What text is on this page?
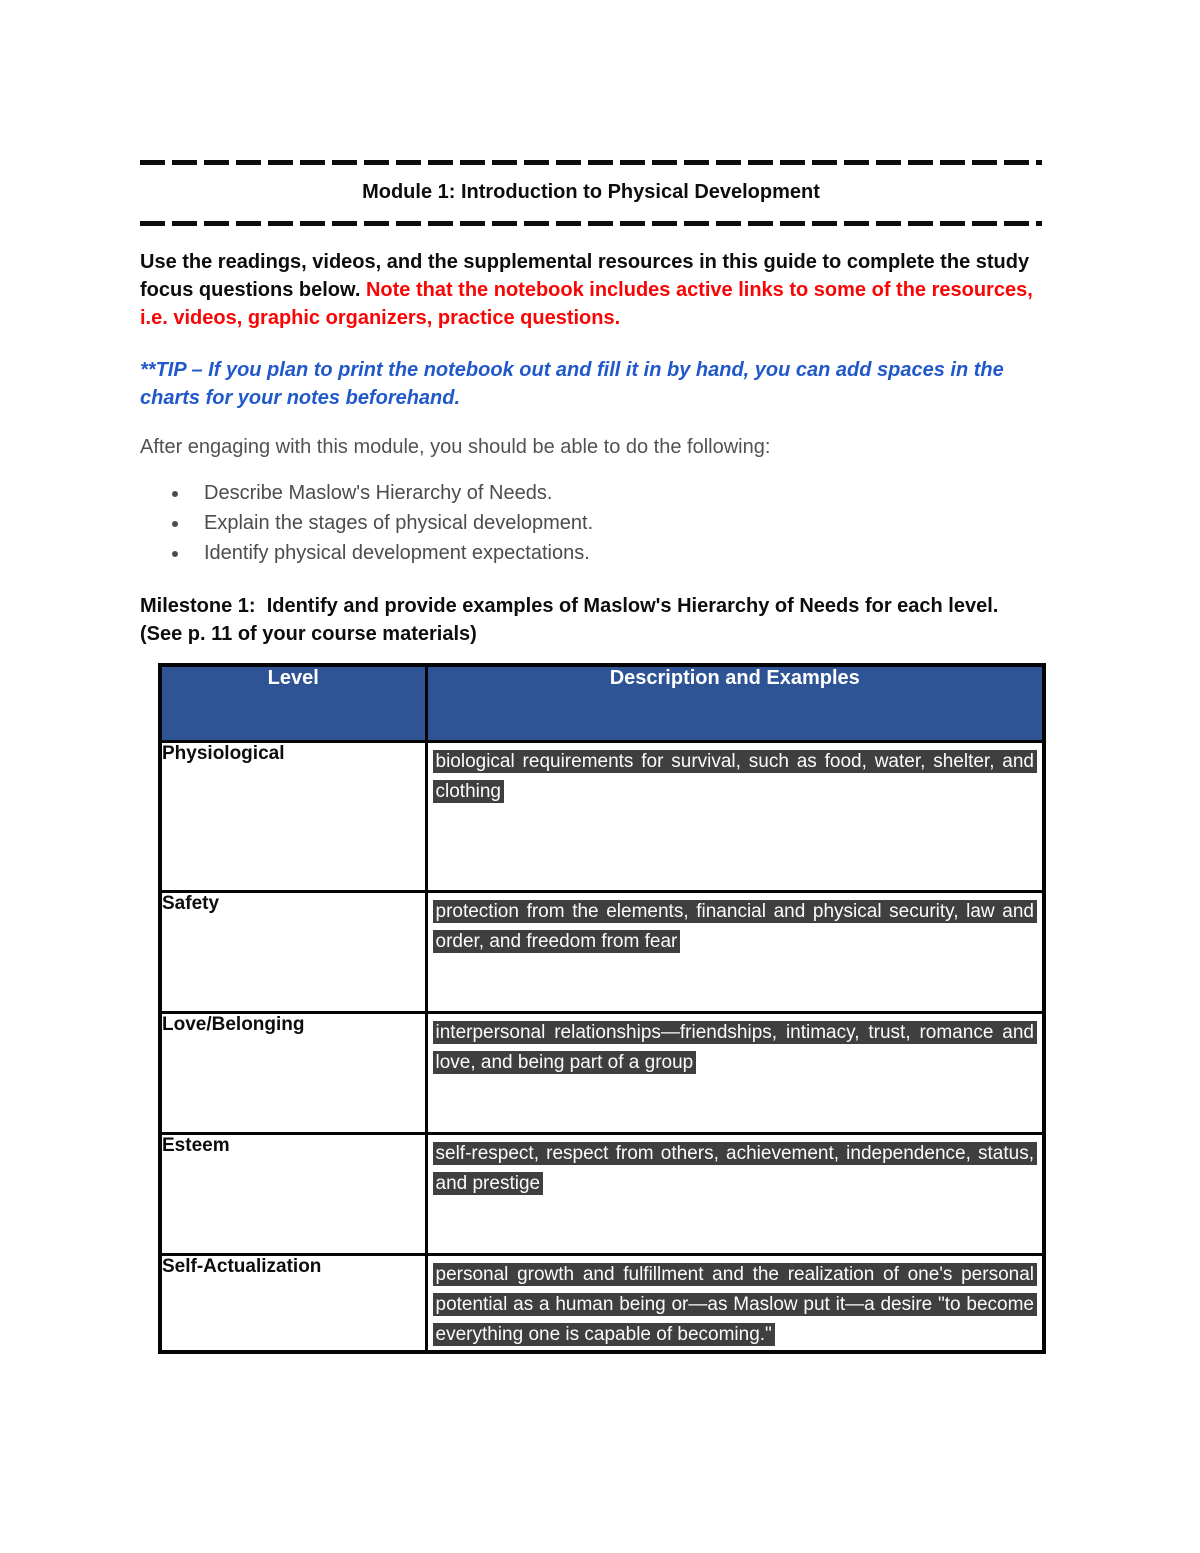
Module 1: Introduction to Physical Development

Use the readings, videos, and the supplemental resources in this guide to complete the study focus questions below. Note that the notebook includes active links to some of the resources, i.e. videos, graphic organizers, practice questions.

**TIP – If you plan to print the notebook out and fill it in by hand, you can add spaces in the charts for your notes beforehand.

After engaging with this module, you should be able to do the following:

• Describe Maslow's Hierarchy of Needs.
• Explain the stages of physical development.
• Identify physical development expectations.

Milestone 1:  Identify and provide examples of Maslow's Hierarchy of Needs for each level. (See p. 11 of your course materials)

Level	Description and Examples
Physiological	biological requirements for survival, such as food, water, shelter, and clothing

Safety	protection from the elements, financial and physical security, law and order, and freedom from fear

Love/Belonging	interpersonal relationships—friendships, intimacy, trust, romance and love, and being part of a group

Esteem	self-respect, respect from others, achievement, independence, status, and prestige

Self-Actualization	personal growth and fulfillment and the realization of one's personal potential as a human being or—as Maslow put it—a desire "to become everything one is capable of becoming."
